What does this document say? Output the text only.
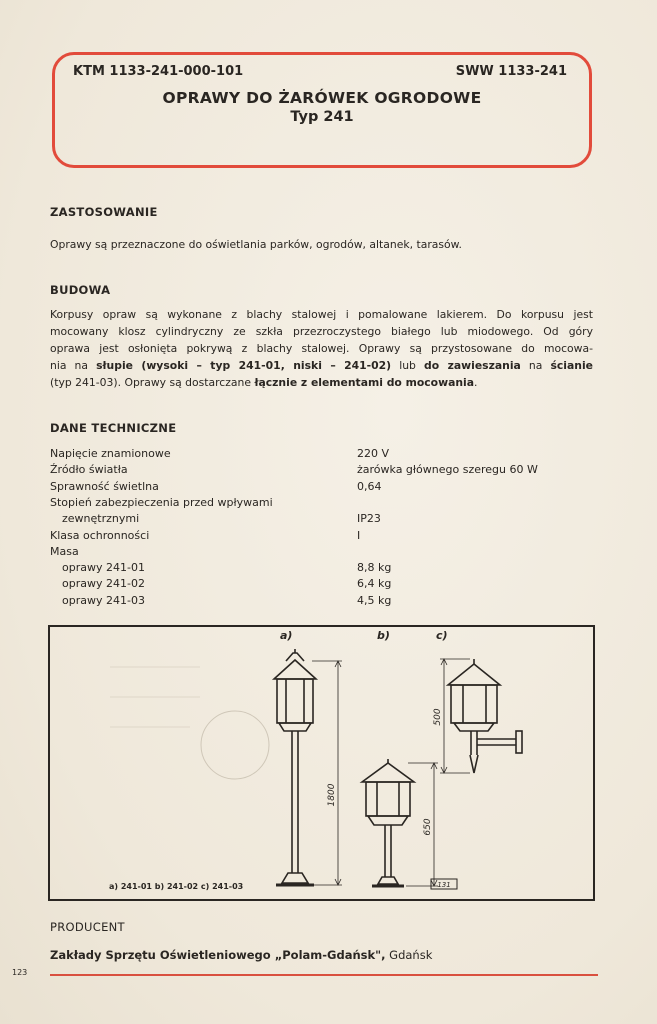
KTM 1133-241-000-101	SWW 1133-241
OPRAWY DO ŻARÓWEK OGRODOWE
Typ 241
ZASTOSOWANIE
Oprawy są przeznaczone do oświetlania parków, ogrodów, altanek, tarasów.
BUDOWA
Korpusy opraw są wykonane z blachy stalowej i pomalowane lakierem. Do korpusu jest
mocowany klosz cylindryczny ze szkła przezroczystego białego lub miodowego. Od góry
oprawa jest osłonięta pokrywą z blachy stalowej. Oprawy są przystosowane do mocowa-
nia na słupie (wysoki – typ 241-01, niski – 241-02) lub do zawieszania na ścianie
(typ 241-03). Oprawy są dostarczane łącznie z elementami do mocowania.
DANE TECHNICZNE
Napięcie znamionowe	220 V
Źródło światła	żarówka głównego szeregu 60 W
Sprawność świetlna	0,64
Stopień zabezpieczenia przed wpływami
zewnętrznymi	IP23
Klasa ochronności	I
Masa
oprawy 241-01	8,8 kg
oprawy 241-02	6,4 kg
oprawy 241-03	4,5 kg
a)	b)	c)
1800
650
500
a) 241-01 b) 241-02 c) 241-03	131
PRODUCENT
Zakłady Sprzętu Oświetleniowego „Polam-Gdańsk", Gdańsk
123
